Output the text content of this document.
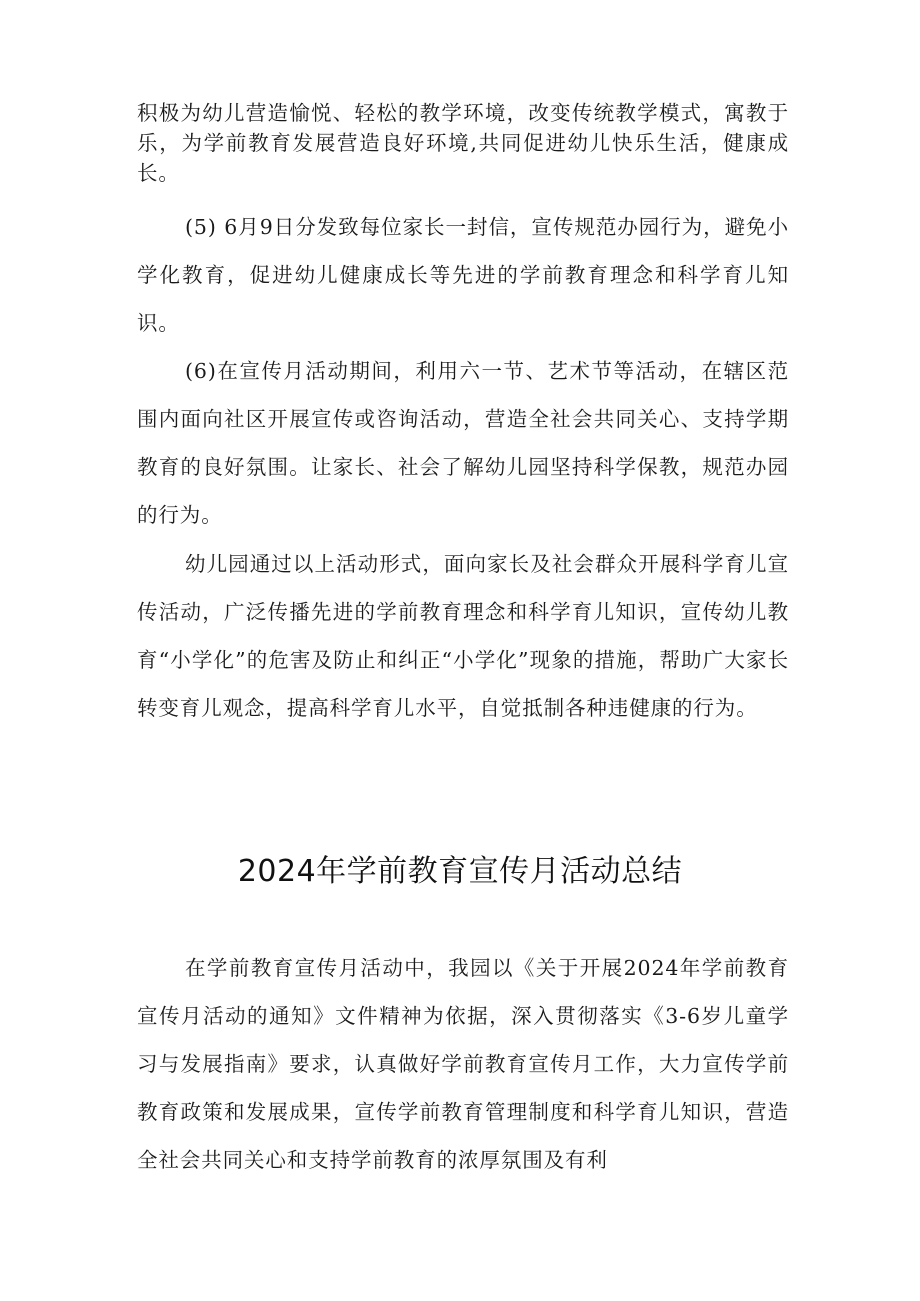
积极为幼儿营造愉悦、轻松的教学环境，改变传统教学模式，寓教于乐，为学前教育发展营造良好环境,共同促进幼儿快乐生活，健康成长。

(5) 6月9日分发致每位家长一封信，宣传规范办园行为，避免小学化教育，促进幼儿健康成长等先进的学前教育理念和科学育儿知识。

(6)在宣传月活动期间，利用六一节、艺术节等活动，在辖区范围内面向社区开展宣传或咨询活动，营造全社会共同关心、支持学期教育的良好氛围。让家长、社会了解幼儿园坚持科学保教，规范办园的行为。

幼儿园通过以上活动形式，面向家长及社会群众开展科学育儿宣传活动，广泛传播先进的学前教育理念和科学育儿知识，宣传幼儿教育“小学化”的危害及防止和纠正“小学化”现象的措施，帮助广大家长转变育儿观念，提高科学育儿水平，自觉抵制各种违健康的行为。

2024年学前教育宣传月活动总结

在学前教育宣传月活动中，我园以《关于开展2024年学前教育宣传月活动的通知》文件精神为依据，深入贯彻落实《3-6岁儿童学习与发展指南》要求，认真做好学前教育宣传月工作，大力宣传学前教育政策和发展成果，宣传学前教育管理制度和科学育儿知识，营造全社会共同关心和支持学前教育的浓厚氛围及有利
